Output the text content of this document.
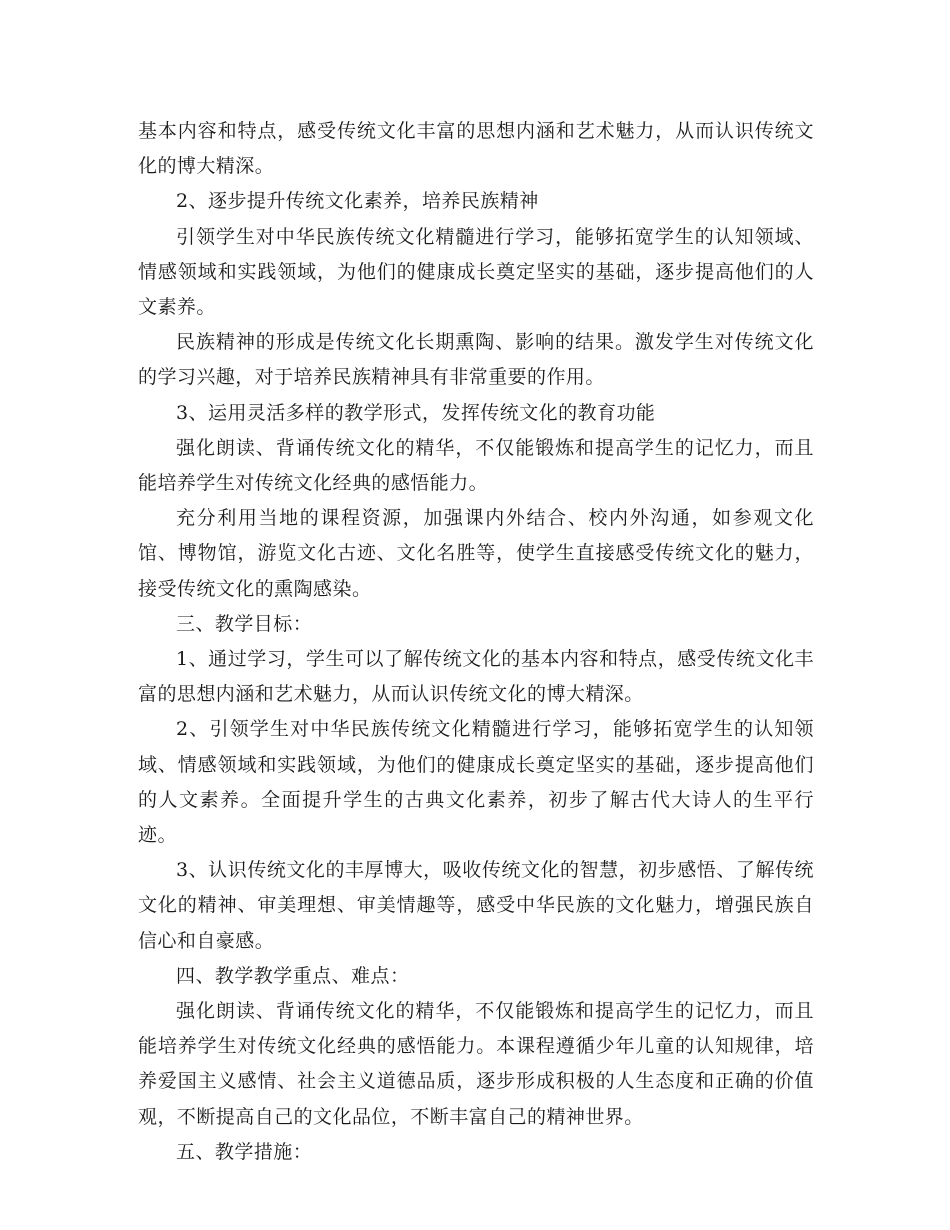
基本内容和特点，感受传统文化丰富的思想内涵和艺术魅力，从而认识传统文化的博大精深。

2、逐步提升传统文化素养，培养民族精神

引领学生对中华民族传统文化精髓进行学习，能够拓宽学生的认知领域、情感领域和实践领域，为他们的健康成长奠定坚实的基础，逐步提高他们的人文素养。

民族精神的形成是传统文化长期熏陶、影响的结果。激发学生对传统文化的学习兴趣，对于培养民族精神具有非常重要的作用。

3、运用灵活多样的教学形式，发挥传统文化的教育功能

强化朗读、背诵传统文化的精华，不仅能锻炼和提高学生的记忆力，而且能培养学生对传统文化经典的感悟能力。

充分利用当地的课程资源，加强课内外结合、校内外沟通，如参观文化馆、博物馆，游览文化古迹、文化名胜等，使学生直接感受传统文化的魅力，接受传统文化的熏陶感染。

三、教学目标：

1、通过学习，学生可以了解传统文化的基本内容和特点，感受传统文化丰富的思想内涵和艺术魅力，从而认识传统文化的博大精深。

2、引领学生对中华民族传统文化精髓进行学习，能够拓宽学生的认知领域、情感领域和实践领域，为他们的健康成长奠定坚实的基础，逐步提高他们的人文素养。全面提升学生的古典文化素养，初步了解古代大诗人的生平行迹。

3、认识传统文化的丰厚博大，吸收传统文化的智慧，初步感悟、了解传统文化的精神、审美理想、审美情趣等，感受中华民族的文化魅力，增强民族自信心和自豪感。

四、教学教学重点、难点：

强化朗读、背诵传统文化的精华，不仅能锻炼和提高学生的记忆力，而且能培养学生对传统文化经典的感悟能力。本课程遵循少年儿童的认知规律，培养爱国主义感情、社会主义道德品质，逐步形成积极的人生态度和正确的价值观，不断提高自己的文化品位，不断丰富自己的精神世界。

五、教学措施：
